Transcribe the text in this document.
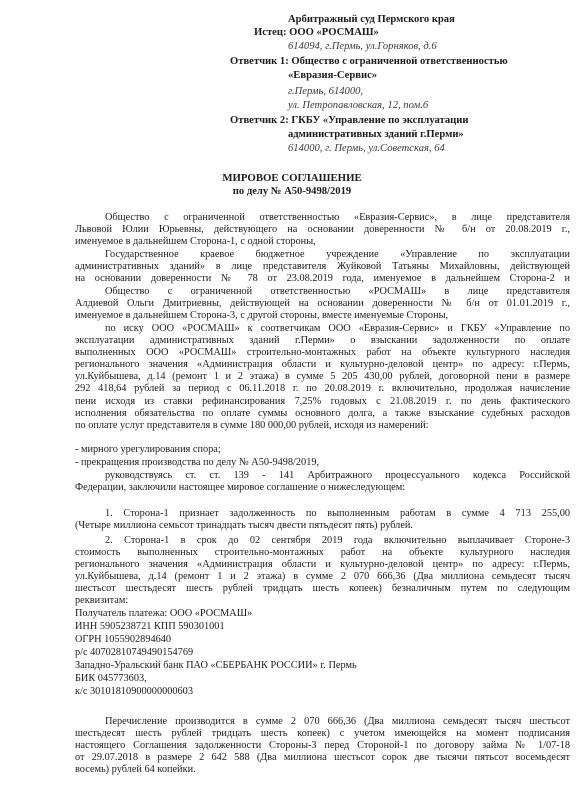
Арбитражный суд Пермского края
Истец: ООО «РОСМАШ»
614094, г.Пермь, ул.Горняков, д.6
Ответчик 1: Общество с ограниченной ответственностью
«Евразия-Сервис»
г.Пермь, 614000,
ул. Петропавловская, 12, пом.6
Ответчик 2: ГКБУ «Управление по эксплуатации
административных зданий г.Перми»
614000, г. Пермь, ул.Советская, 64
МИРОВОЕ СОГЛАШЕНИЕ
по делу № А50-9498/2019
Общество с ограниченной ответственностью «Евразия-Сервис», в лице представителя
Львовой Юлии Юрьевны, действующего на основании доверенности № б/н от 20.08.2019 г.,
именуемое в дальнейшем Сторона-1, с одной стороны,
Государственное краевое бюджетное учреждение «Управление по эксплуатации
административных зданий» в лице представителя Жуйковой Татьяны Михайловны, действующей
на основании доверенности № 78 от 23.08.2019 года, именуемое в дальнейшем Сторона-2 и
Общество с ограниченной ответственностью «РОСМАШ» в лице представителя
Алдиевой Ольги Дмитриевны, действующей на основании доверенности № б/н от 01.01.2019 г.,
именуемое в дальнейшем Сторона-3, с другой стороны, вместе именуемые Стороны,
по иску ООО «РОСМАШ» к соответчикам ООО «Евразия-Сервис» и ГКБУ «Управление по
эксплуатации административных зданий г.Перми» о взыскании задолженности по оплате
выполненных ООО «РОСМАШ» строительно-монтажных работ на объекте культурного наследия
регионального значения «Администрация области и культурно-деловой центр» по адресу: г.Пермь,
ул.Куйбышева, д.14 (ремонт 1 и 2 этажа) в сумме 5 205 430,00 рублей, договорной пени в размере
292 418,64 рублей за период с 06.11.2018 г. по 20.08.2019 г. включительно, продолжая начисление
пени исходя из ставки рефинансирования 7,25% годовых с 21.08.2019 г. по день фактического
исполнения обязательства по оплате суммы основного долга, а также взыскание судебных расходов
по оплате услуг представителя в сумме 180 000,00 рублей, исходя из намерений:
- мирного урегулирования спора;
- прекращения производства по делу № А50-9498/2019,
руководствуясь ст. ст. 139 - 141 Арбитражного процессуального кодекса Российской
Федерации, заключили настоящее мировое соглашение о нижеследующем:
1. Сторона-1 признает задолженность по выполненным работам в сумме 4 713 255,00
(Четыре миллиона семьсот тринадцать тысяч двести пятьдесят пять) рублей.
2. Сторона-1 в срок до 02 сентября 2019 года включительно выплачивает Стороне-3
стоимость выполненных строительно-монтажных работ на объекте культурного наследия
регионального значения «Администрация области и культурно-деловой центр» по адресу: г.Пермь,
ул.Куйбышева, д.14 (ремонт 1 и 2 этажа) в сумме 2 070 666,36 (Два миллиона семьдесят тысяч
шестьсот шестьдесят шесть рублей тридцать шесть копеек) безналичным путем по следующим
реквизитам:
Получатель платежа: ООО «РОСМАШ»
ИНН 5905238721 КПП 590301001
ОГРН 1055902894640
р/с 40702810749490154769
Западно-Уральский банк ПАО «СБЕРБАНК РОССИИ» г. Пермь
БИК 045773603,
к/с 30101810900000000603
Перечисление производится в сумме 2 070 666,36 (Два миллиона семьдесят тысяч шестьсот
шестьдесят шесть рублей тридцать шесть копеек) с учетом имеющейся на момент подписания
настоящего Соглашения задолженности Стороны-3 перед Стороной-1 по договору займа № 1/07-18
от 29.07.2018 в размере 2 642 588 (Два миллиона шестьсот сорок две тысячи пятьсот восемьдесят
восемь) рублей 64 копейки.
